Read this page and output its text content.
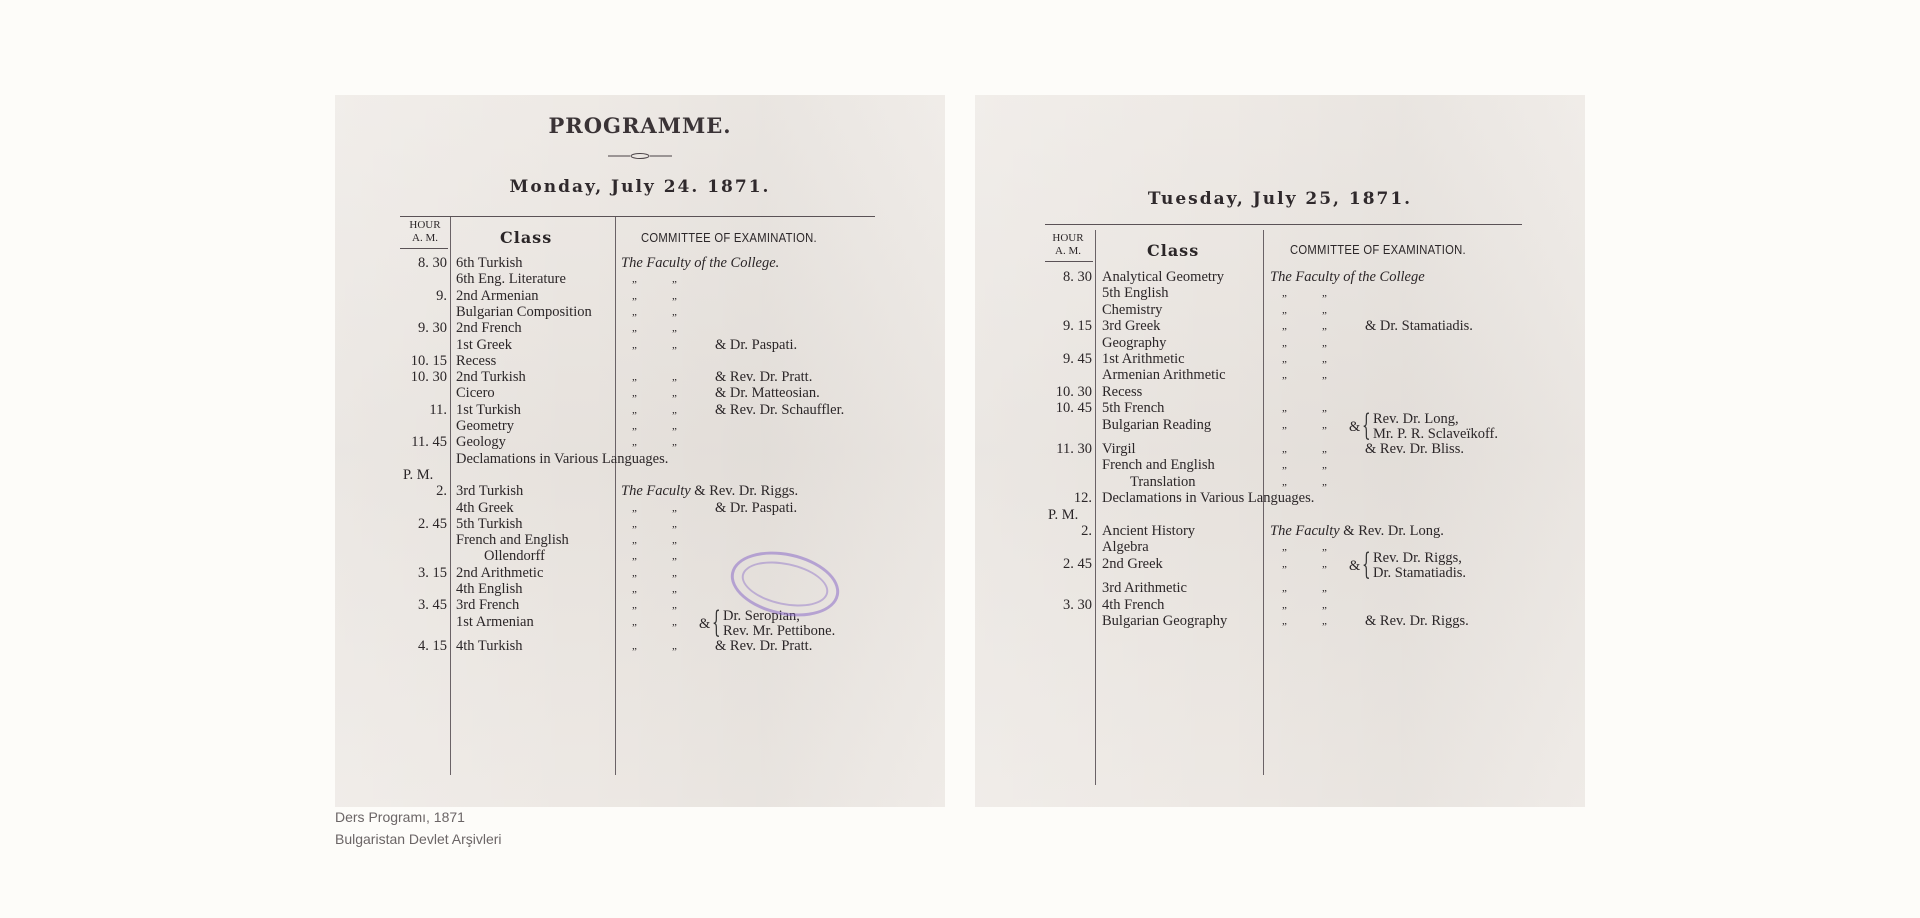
PROGRAMME.
Monday, July 24. 1871.
HOUR
A. M.	Class	COMMITTEE OF EXAMINATION.
8. 30 6th Turkish	The Faculty of the College.
6th Eng. Literature	„	„
9. 2nd Armenian	„	„
Bulgarian Composition	„	„
9. 30 2nd French	„	„
1st Greek	„	„	& Dr. Paspati.
10. 15 Recess
10. 30 2nd Turkish	„	„	& Rev. Dr. Pratt.
Cicero	„	„	& Dr. Matteosian.
11. 1st Turkish	„	„	& Rev. Dr. Schauffler.
Geometry	„	„
11. 45 Geology	„	„
Declamations in Various Languages.
P. M.
2. 3rd Turkish	The Faculty & Rev. Dr. Riggs.
4th Greek	„	„	& Dr. Paspati.
2. 45 5th Turkish	„	„
French and English	„	„
Ollendorff	„	„
3. 15 2nd Arithmetic	„	„
4th English	„	„
3. 45 3rd French	„	„
1st Armenian	„	„ & { Dr. Seropian,
Rev. Mr. Pettibone.
4. 15 4th Turkish	„	„	& Rev. Dr. Pratt.
Tuesday, July 25, 1871.
HOUR
A. M.	Class	COMMITTEE OF EXAMINATION.
8. 30 Analytical Geometry	The Faculty of the College
5th English	„	„
Chemistry	„	„
9. 15 3rd Greek	„	„	& Dr. Stamatiadis.
Geography	„	„
9. 45 1st Arithmetic	„	„
Armenian Arithmetic	„	„
10. 30 Recess
10. 45 5th French	„	„
Bulgarian Reading	„	„ & { Rev. Dr. Long,
Mr. P. R. Sclaveïkoff.
11. 30 Virgil	„	„	& Rev. Dr. Bliss.
French and English	„	„
Translation	„	„
12. Declamations in Various Languages.
P. M.
2. Ancient History	The Faculty & Rev. Dr. Long.
Algebra	„	„
2. 45 2nd Greek	„	„ & { Rev. Dr. Riggs,
Dr. Stamatiadis.
3rd Arithmetic	„	„
3. 30 4th French	„	„
Bulgarian Geography	„	„	& Rev. Dr. Riggs.
Ders Programı, 1871
Bulgaristan Devlet Arşivleri
